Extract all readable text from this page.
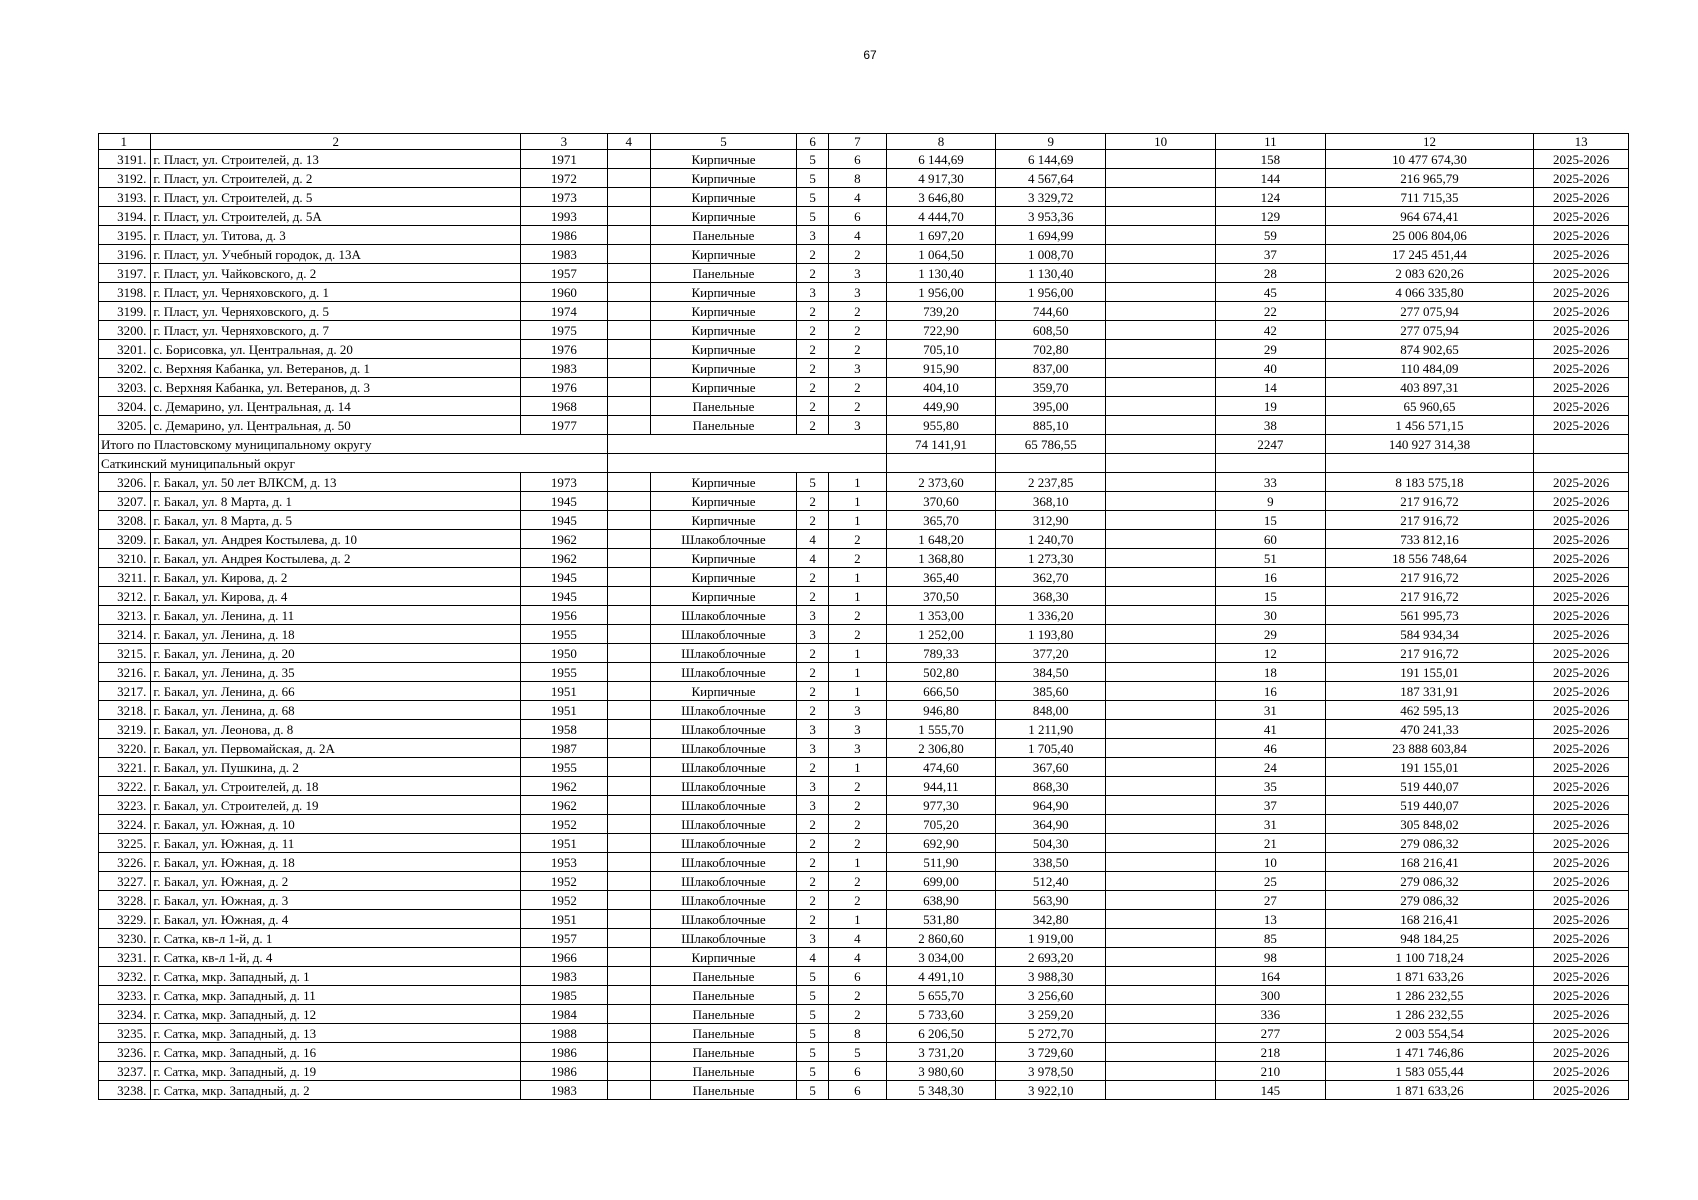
67
1	2	3	4	5	6	7	8	9	10	11	12	13
3191.	г. Пласт, ул. Строителей, д. 13	1971		Кирпичные	5	6	6 144,69	6 144,69		158	10 477 674,30	2025-2026
3192.	г. Пласт, ул. Строителей, д. 2	1972		Кирпичные	5	8	4 917,30	4 567,64		144	216 965,79	2025-2026
3193.	г. Пласт, ул. Строителей, д. 5	1973		Кирпичные	5	4	3 646,80	3 329,72		124	711 715,35	2025-2026
3194.	г. Пласт, ул. Строителей, д. 5А	1993		Кирпичные	5	6	4 444,70	3 953,36		129	964 674,41	2025-2026
3195.	г. Пласт, ул. Титова, д. 3	1986		Панельные	3	4	1 697,20	1 694,99		59	25 006 804,06	2025-2026
3196.	г. Пласт, ул. Учебный городок, д. 13А	1983		Кирпичные	2	2	1 064,50	1 008,70		37	17 245 451,44	2025-2026
3197.	г. Пласт, ул. Чайковского, д. 2	1957		Панельные	2	3	1 130,40	1 130,40		28	2 083 620,26	2025-2026
3198.	г. Пласт, ул. Черняховского, д. 1	1960		Кирпичные	3	3	1 956,00	1 956,00		45	4 066 335,80	2025-2026
3199.	г. Пласт, ул. Черняховского, д. 5	1974		Кирпичные	2	2	739,20	744,60		22	277 075,94	2025-2026
3200.	г. Пласт, ул. Черняховского, д. 7	1975		Кирпичные	2	2	722,90	608,50		42	277 075,94	2025-2026
3201.	с. Борисовка, ул. Центральная, д. 20	1976		Кирпичные	2	2	705,10	702,80		29	874 902,65	2025-2026
3202.	с. Верхняя Кабанка, ул. Ветеранов, д. 1	1983		Кирпичные	2	3	915,90	837,00		40	110 484,09	2025-2026
3203.	с. Верхняя Кабанка, ул. Ветеранов, д. 3	1976		Кирпичные	2	2	404,10	359,70		14	403 897,31	2025-2026
3204.	с. Демарино, ул. Центральная, д. 14	1968		Панельные	2	2	449,90	395,00		19	65 960,65	2025-2026
3205.	с. Демарино, ул. Центральная, д. 50	1977		Панельные	2	3	955,80	885,10		38	1 456 571,15	2025-2026
Итого по Пластовскому муниципальному округу							74 141,91	65 786,55		2247	140 927 314,38	
Саткинский муниципальный округ												
3206.	г. Бакал, ул. 50 лет ВЛКСМ, д. 13	1973		Кирпичные	5	1	2 373,60	2 237,85		33	8 183 575,18	2025-2026
3207.	г. Бакал, ул. 8 Марта, д. 1	1945		Кирпичные	2	1	370,60	368,10		9	217 916,72	2025-2026
3208.	г. Бакал, ул. 8 Марта, д. 5	1945		Кирпичные	2	1	365,70	312,90		15	217 916,72	2025-2026
3209.	г. Бакал, ул. Андрея Костылева, д. 10	1962		Шлакоблочные	4	2	1 648,20	1 240,70		60	733 812,16	2025-2026
3210.	г. Бакал, ул. Андрея Костылева, д. 2	1962		Кирпичные	4	2	1 368,80	1 273,30		51	18 556 748,64	2025-2026
3211.	г. Бакал, ул. Кирова, д. 2	1945		Кирпичные	2	1	365,40	362,70		16	217 916,72	2025-2026
3212.	г. Бакал, ул. Кирова, д. 4	1945		Кирпичные	2	1	370,50	368,30		15	217 916,72	2025-2026
3213.	г. Бакал, ул. Ленина, д. 11	1956		Шлакоблочные	3	2	1 353,00	1 336,20		30	561 995,73	2025-2026
3214.	г. Бакал, ул. Ленина, д. 18	1955		Шлакоблочные	3	2	1 252,00	1 193,80		29	584 934,34	2025-2026
3215.	г. Бакал, ул. Ленина, д. 20	1950		Шлакоблочные	2	1	789,33	377,20		12	217 916,72	2025-2026
3216.	г. Бакал, ул. Ленина, д. 35	1955		Шлакоблочные	2	1	502,80	384,50		18	191 155,01	2025-2026
3217.	г. Бакал, ул. Ленина, д. 66	1951		Кирпичные	2	1	666,50	385,60		16	187 331,91	2025-2026
3218.	г. Бакал, ул. Ленина, д. 68	1951		Шлакоблочные	2	3	946,80	848,00		31	462 595,13	2025-2026
3219.	г. Бакал, ул. Леонова, д. 8	1958		Шлакоблочные	3	3	1 555,70	1 211,90		41	470 241,33	2025-2026
3220.	г. Бакал, ул. Первомайская, д. 2А	1987		Шлакоблочные	3	3	2 306,80	1 705,40		46	23 888 603,84	2025-2026
3221.	г. Бакал, ул. Пушкина, д. 2	1955		Шлакоблочные	2	1	474,60	367,60		24	191 155,01	2025-2026
3222.	г. Бакал, ул. Строителей, д. 18	1962		Шлакоблочные	3	2	944,11	868,30		35	519 440,07	2025-2026
3223.	г. Бакал, ул. Строителей, д. 19	1962		Шлакоблочные	3	2	977,30	964,90		37	519 440,07	2025-2026
3224.	г. Бакал, ул. Южная, д. 10	1952		Шлакоблочные	2	2	705,20	364,90		31	305 848,02	2025-2026
3225.	г. Бакал, ул. Южная, д. 11	1951		Шлакоблочные	2	2	692,90	504,30		21	279 086,32	2025-2026
3226.	г. Бакал, ул. Южная, д. 18	1953		Шлакоблочные	2	1	511,90	338,50		10	168 216,41	2025-2026
3227.	г. Бакал, ул. Южная, д. 2	1952		Шлакоблочные	2	2	699,00	512,40		25	279 086,32	2025-2026
3228.	г. Бакал, ул. Южная, д. 3	1952		Шлакоблочные	2	2	638,90	563,90		27	279 086,32	2025-2026
3229.	г. Бакал, ул. Южная, д. 4	1951		Шлакоблочные	2	1	531,80	342,80		13	168 216,41	2025-2026
3230.	г. Сатка, кв-л 1-й, д. 1	1957		Шлакоблочные	3	4	2 860,60	1 919,00		85	948 184,25	2025-2026
3231.	г. Сатка, кв-л 1-й, д. 4	1966		Кирпичные	4	4	3 034,00	2 693,20		98	1 100 718,24	2025-2026
3232.	г. Сатка, мкр. Западный, д. 1	1983		Панельные	5	6	4 491,10	3 988,30		164	1 871 633,26	2025-2026
3233.	г. Сатка, мкр. Западный, д. 11	1985		Панельные	5	2	5 655,70	3 256,60		300	1 286 232,55	2025-2026
3234.	г. Сатка, мкр. Западный, д. 12	1984		Панельные	5	2	5 733,60	3 259,20		336	1 286 232,55	2025-2026
3235.	г. Сатка, мкр. Западный, д. 13	1988		Панельные	5	8	6 206,50	5 272,70		277	2 003 554,54	2025-2026
3236.	г. Сатка, мкр. Западный, д. 16	1986		Панельные	5	5	3 731,20	3 729,60		218	1 471 746,86	2025-2026
3237.	г. Сатка, мкр. Западный, д. 19	1986		Панельные	5	6	3 980,60	3 978,50		210	1 583 055,44	2025-2026
3238.	г. Сатка, мкр. Западный, д. 2	1983		Панельные	5	6	5 348,30	3 922,10		145	1 871 633,26	2025-2026
